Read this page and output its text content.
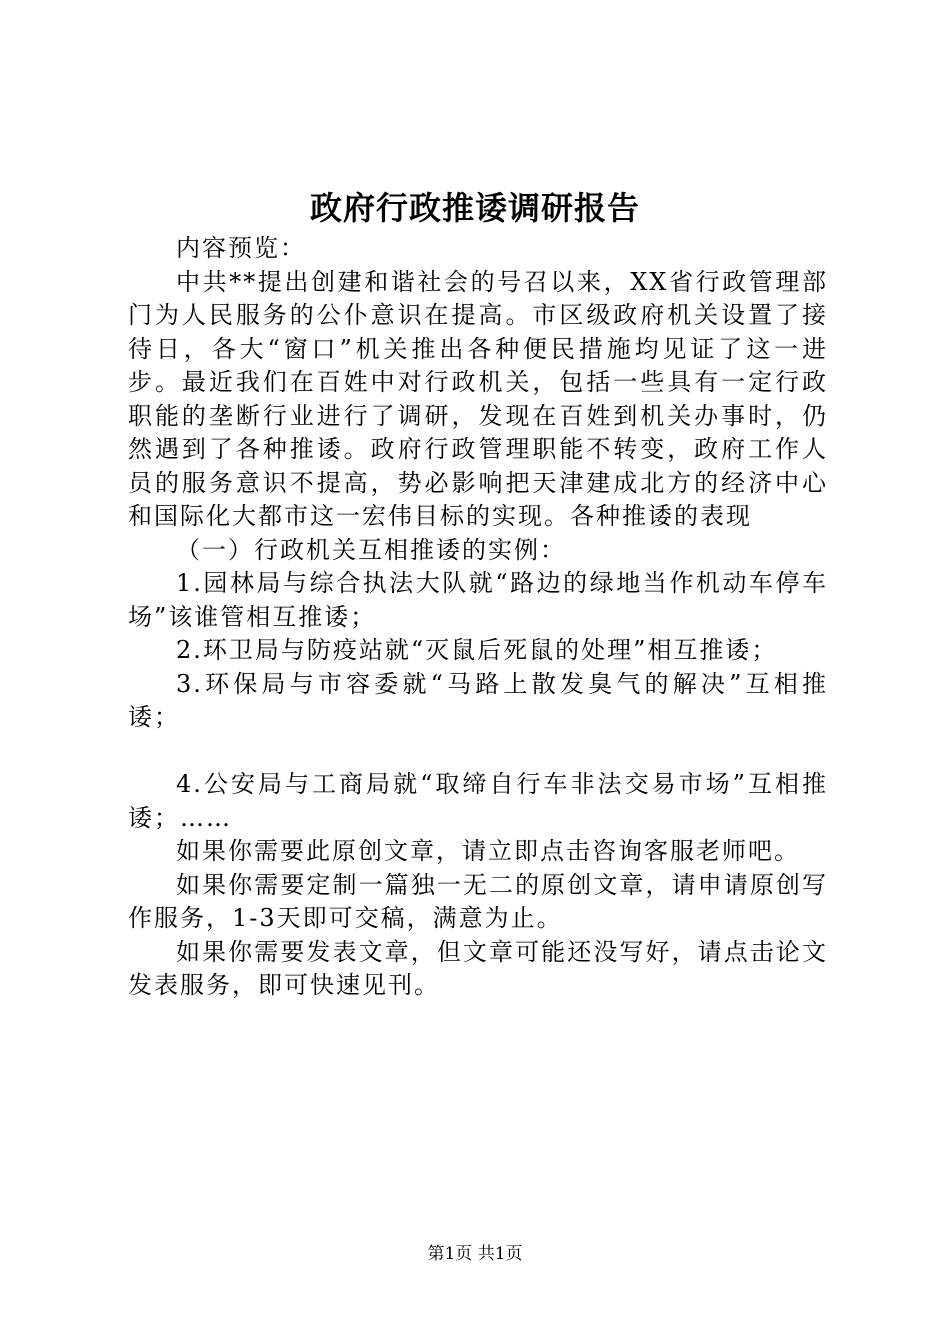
政府行政推诿调研报告

内容预览：

中共**提出创建和谐社会的号召以来，XX省行政管理部门为人民服务的公仆意识在提高。市区级政府机关设置了接待日，各大“窗口”机关推出各种便民措施均见证了这一进步。最近我们在百姓中对行政机关，包括一些具有一定行政职能的垄断行业进行了调研，发现在百姓到机关办事时，仍然遇到了各种推诿。政府行政管理职能不转变，政府工作人员的服务意识不提高，势必影响把天津建成北方的经济中心和国际化大都市这一宏伟目标的实现。各种推诿的表现

（一）行政机关互相推诿的实例：

1.园林局与综合执法大队就“路边的绿地当作机动车停车场”该谁管相互推诿；

2.环卫局与防疫站就“灭鼠后死鼠的处理”相互推诿；

3.环保局与市容委就“马路上散发臭气的解决”互相推诿；

4.公安局与工商局就“取缔自行车非法交易市场”互相推诿；……

如果你需要此原创文章，请立即点击咨询客服老师吧。

如果你需要定制一篇独一无二的原创文章，请申请原创写作服务，1-3天即可交稿，满意为止。

如果你需要发表文章，但文章可能还没写好，请点击论文发表服务，即可快速见刊。

第1页 共1页
